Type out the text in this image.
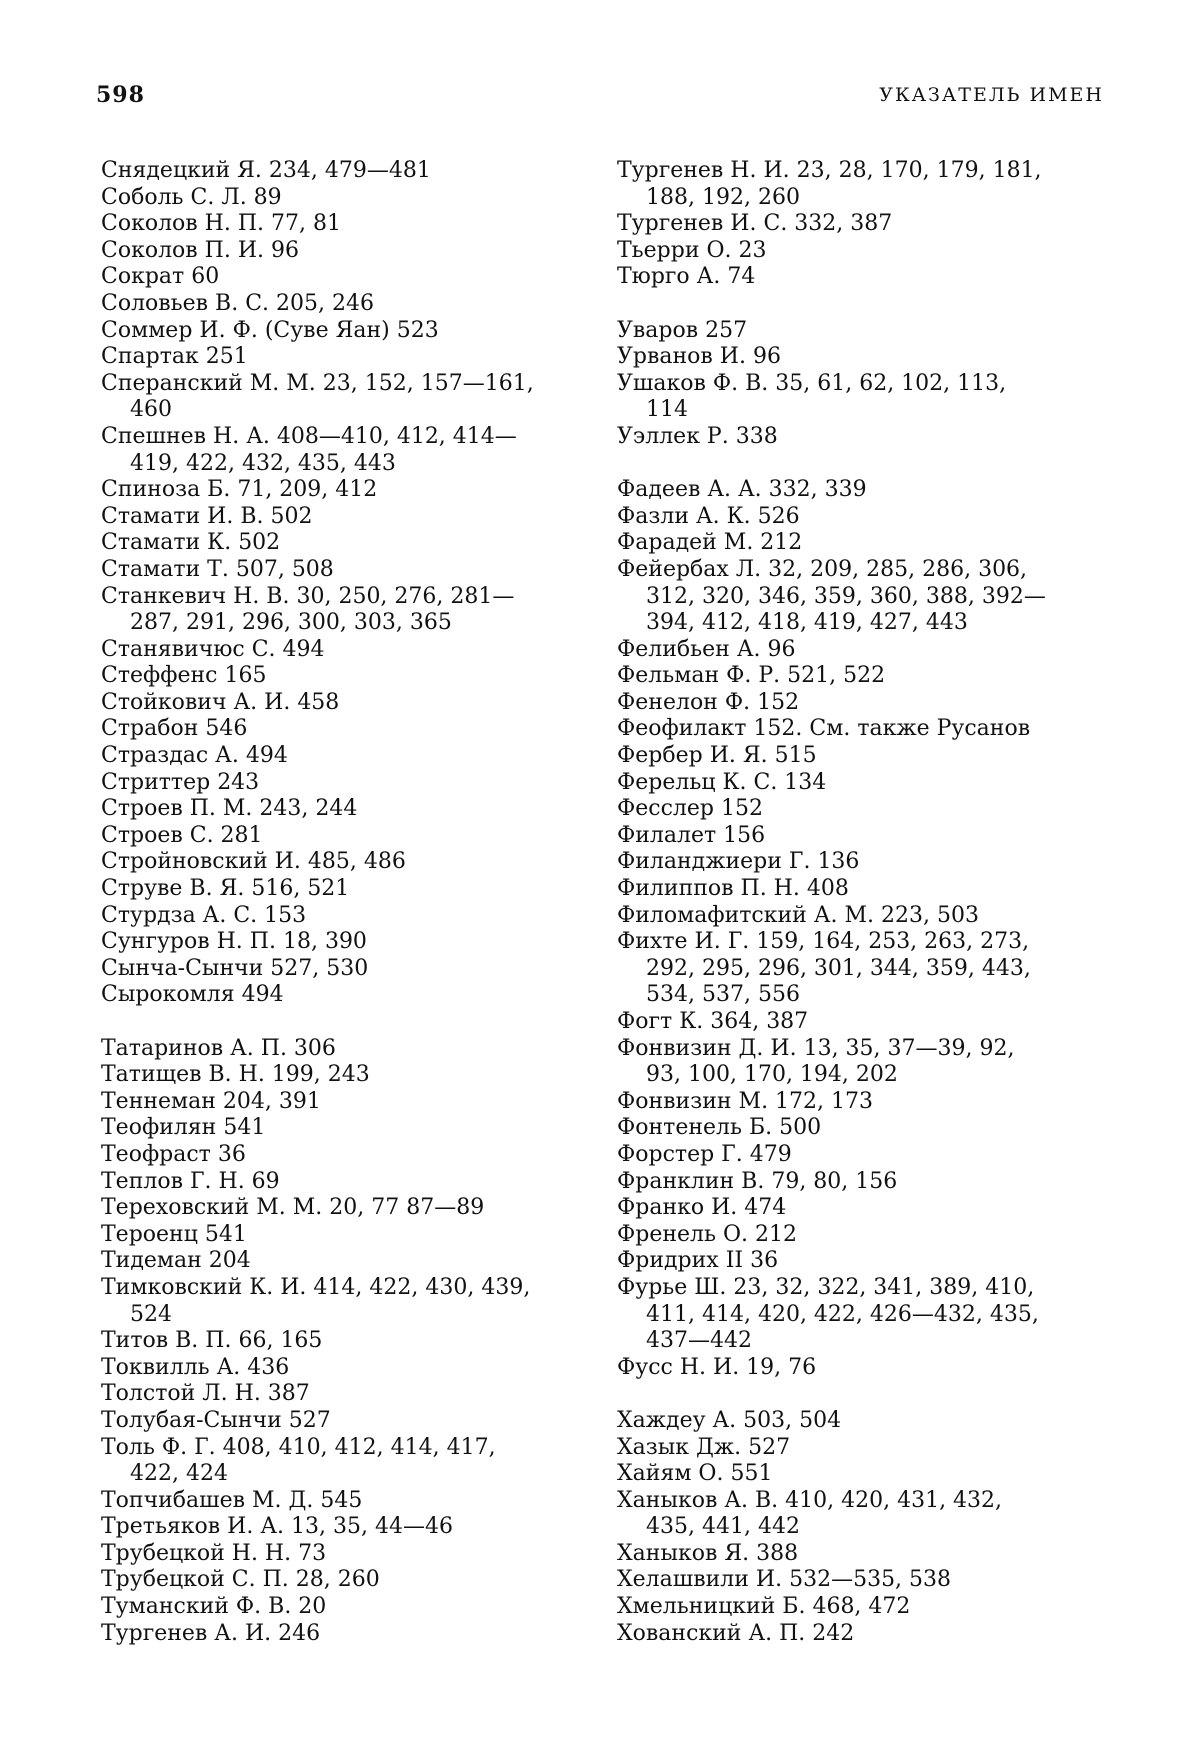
598	УКАЗАТЕЛЬ ИМЕН
Снядецкий Я. 234, 479—481
Соболь С. Л. 89
Соколов Н. П. 77, 81
Соколов П. И. 96
Сократ 60
Соловьев В. С. 205, 246
Соммер И. Ф. (Суве Яан) 523
Спартак 251
Сперанский М. М. 23, 152, 157—161,
460
Спешнев Н. А. 408—410, 412, 414—
419, 422, 432, 435, 443
Спиноза Б. 71, 209, 412
Стамати И. В. 502
Стамати К. 502
Стамати Т. 507, 508
Станкевич Н. В. 30, 250, 276, 281—
287, 291, 296, 300, 303, 365
Станявичюс С. 494
Стеффенс 165
Стойкович А. И. 458
Страбон 546
Страздас А. 494
Стриттер 243
Строев П. М. 243, 244
Строев С. 281
Стройновский И. 485, 486
Струве В. Я. 516, 521
Стурдза А. С. 153
Сунгуров Н. П. 18, 390
Сынча-Сынчи 527, 530
Сырокомля 494
Татаринов А. П. 306
Татищев В. Н. 199, 243
Теннеман 204, 391
Теофилян 541
Теофраст 36
Теплов Г. Н. 69
Тереховский М. М. 20, 77 87—89
Тероенц 541
Тидеман 204
Тимковский К. И. 414, 422, 430, 439,
524
Титов В. П. 66, 165
Токвилль А. 436
Толстой Л. Н. 387
Толубая-Сынчи 527
Толь Ф. Г. 408, 410, 412, 414, 417,
422, 424
Топчибашев М. Д. 545
Третьяков И. А. 13, 35, 44—46
Трубецкой Н. Н. 73
Трубецкой С. П. 28, 260
Туманский Ф. В. 20
Тургенев А. И. 246
Тургенев Н. И. 23, 28, 170, 179, 181,
188, 192, 260
Тургенев И. С. 332, 387
Тьерри О. 23
Тюрго А. 74
Уваров 257
Урванов И. 96
Ушаков Ф. В. 35, 61, 62, 102, 113,
114
Уэллек Р. 338
Фадеев А. А. 332, 339
Фазли А. К. 526
Фарадей М. 212
Фейербах Л. 32, 209, 285, 286, 306,
312, 320, 346, 359, 360, 388, 392—
394, 412, 418, 419, 427, 443
Фелибьен А. 96
Фельман Ф. Р. 521, 522
Фенелон Ф. 152
Феофилакт 152. См. также Русанов
Фербер И. Я. 515
Ферельц К. С. 134
Фесслер 152
Филалет 156
Филанджиери Г. 136
Филиппов П. Н. 408
Филомафитский А. М. 223, 503
Фихте И. Г. 159, 164, 253, 263, 273,
292, 295, 296, 301, 344, 359, 443,
534, 537, 556
Фогт К. 364, 387
Фонвизин Д. И. 13, 35, 37—39, 92,
93, 100, 170, 194, 202
Фонвизин М. 172, 173
Фонтенель Б. 500
Форстер Г. 479
Франклин В. 79, 80, 156
Франко И. 474
Френель О. 212
Фридрих II 36
Фурье Ш. 23, 32, 322, 341, 389, 410,
411, 414, 420, 422, 426—432, 435,
437—442
Фусс Н. И. 19, 76
Хаждеу А. 503, 504
Хазык Дж. 527
Хайям О. 551
Ханыков А. В. 410, 420, 431, 432,
435, 441, 442
Ханыков Я. 388
Хелашвили И. 532—535, 538
Хмельницкий Б. 468, 472
Хованский А. П. 242
